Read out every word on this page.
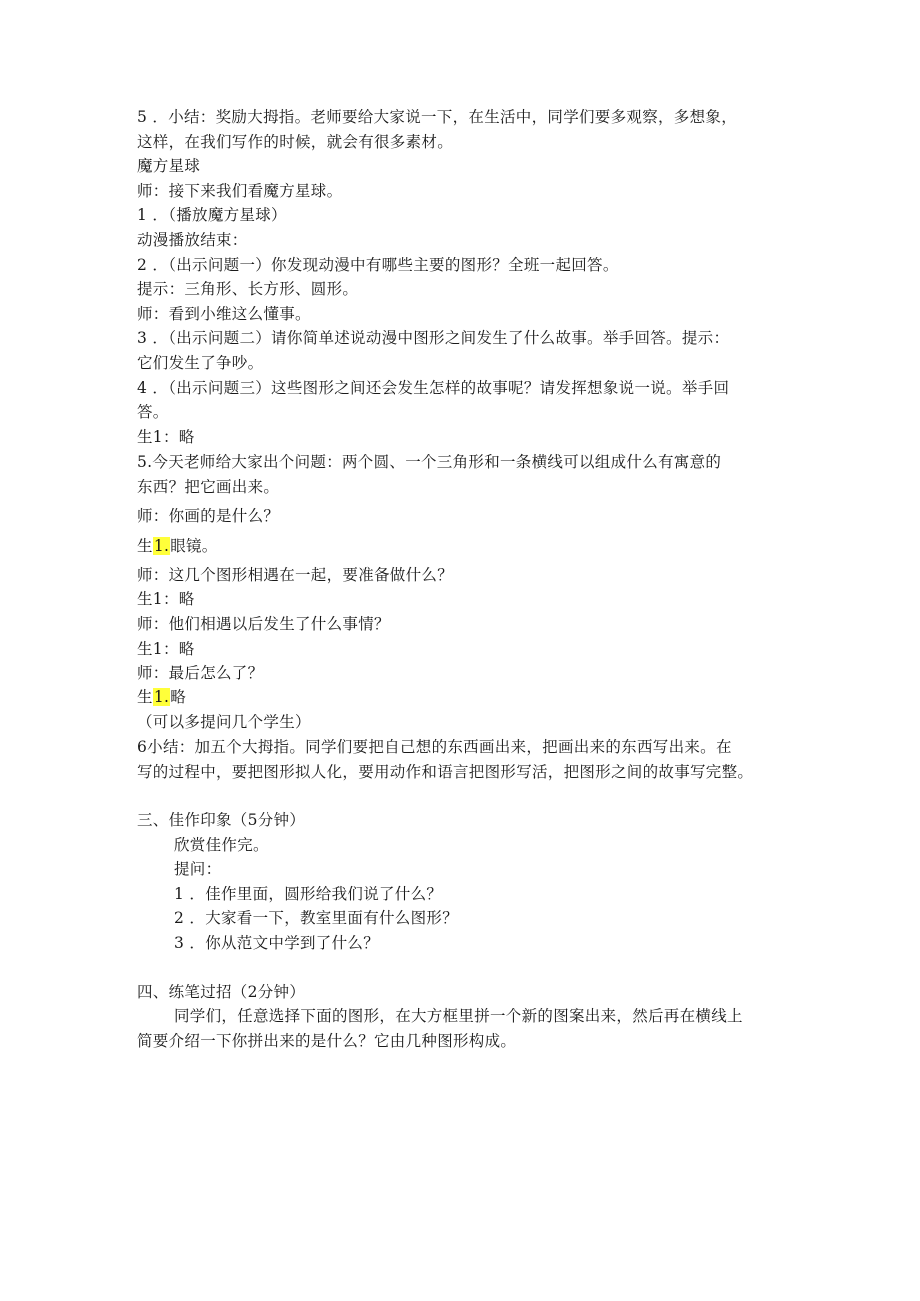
5 ．小结：奖励大拇指。老师要给大家说一下，在生活中，同学们要多观察，多想象，
这样，在我们写作的时候，就会有很多素材。
魔方星球
师：接下来我们看魔方星球。
1 ．（播放魔方星球）
动漫播放结束：
2 ．（出示问题一）你发现动漫中有哪些主要的图形？全班一起回答。
提示：三角形、长方形、圆形。
师：看到小维这么懂事。
3 ．（出示问题二）请你简单述说动漫中图形之间发生了什么故事。举手回答。提示：
它们发生了争吵。
4 ．（出示问题三）这些图形之间还会发生怎样的故事呢？请发挥想象说一说。举手回
答。
生1：略
5.今天老师给大家出个问题：两个圆、一个三角形和一条横线可以组成什么有寓意的
东西？把它画出来。
师：你画的是什么？
生1.眼镜。
师：这几个图形相遇在一起，要准备做什么？
生1：略
师：他们相遇以后发生了什么事情？
生1：略
师：最后怎么了？
生1.略
（可以多提问几个学生）
6小结：加五个大拇指。同学们要把自己想的东西画出来，把画出来的东西写出来。在
写的过程中，要把图形拟人化，要用动作和语言把图形写活，把图形之间的故事写完整。
三、佳作印象（5分钟）
欣赏佳作完。
提问：
1 ．佳作里面，圆形给我们说了什么？
2 ．大家看一下，教室里面有什么图形？
3 ．你从范文中学到了什么？
四、练笔过招（2分钟）
同学们，任意选择下面的图形，在大方框里拼一个新的图案出来，然后再在横线上
简要介绍一下你拼出来的是什么？它由几种图形构成。
